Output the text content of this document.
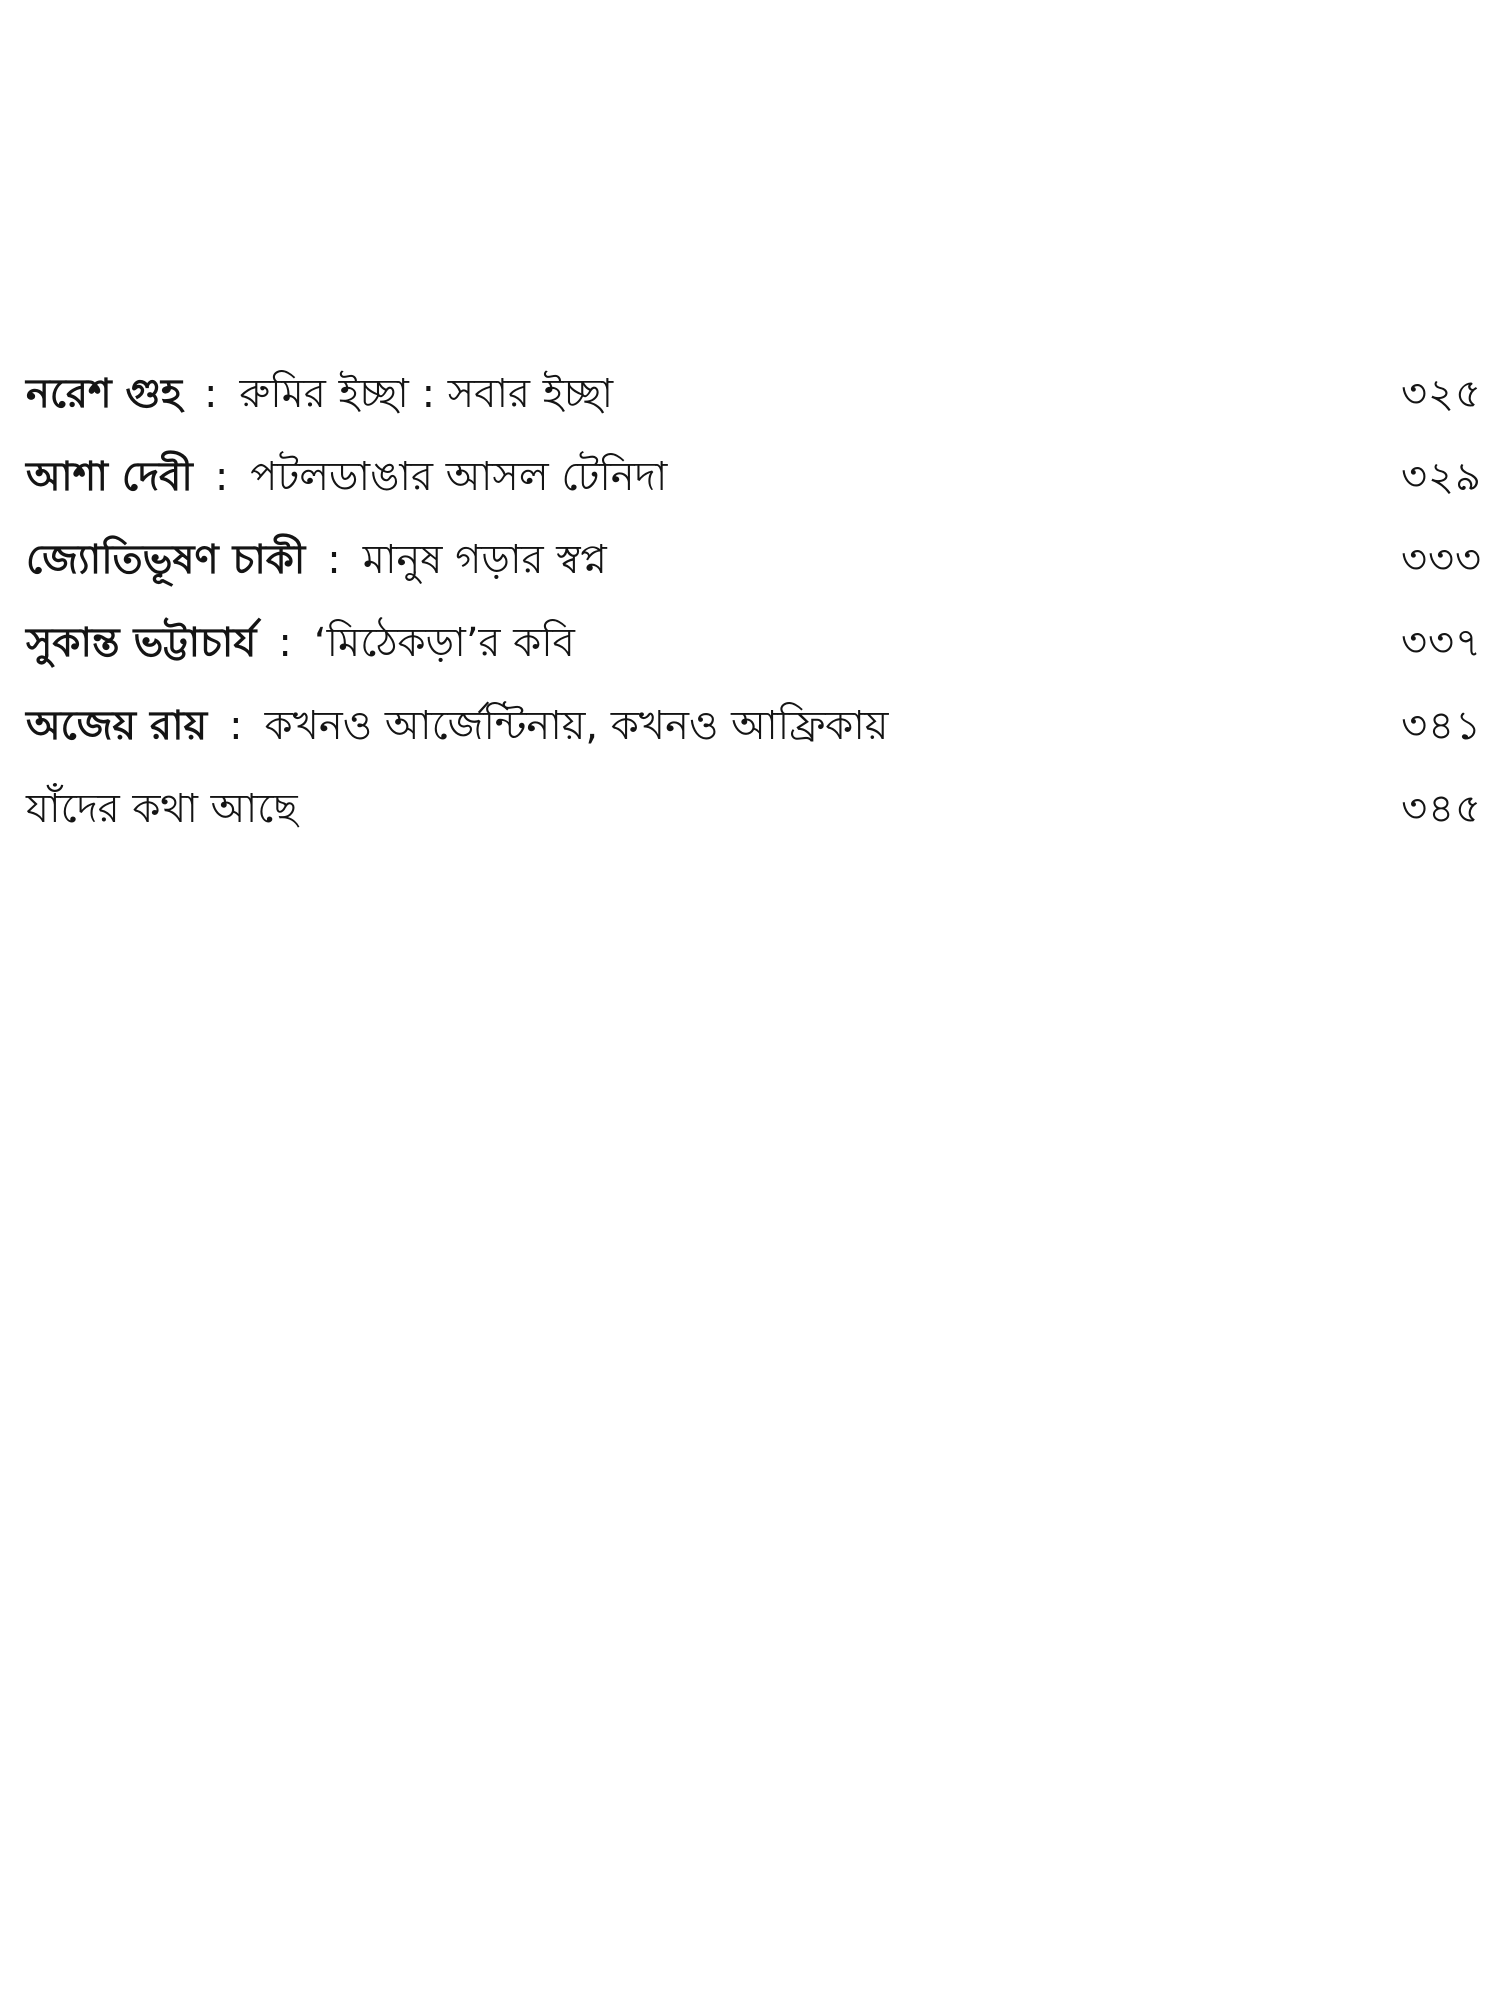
নরেশ গুহ : রুমির ইচ্ছা : সবার ইচ্ছা	৩২৫
আশা দেবী : পটলডাঙার আসল টেনিদা	৩২৯
জ্যোতিভূষণ চাকী : মানুষ গড়ার স্বপ্ন	৩৩৩
সুকান্ত ভট্টাচার্য : ‘মিঠেকড়া’র কবি	৩৩৭
অজেয় রায় : কখনও আর্জেন্টিনায়, কখনও আফ্রিকায়	৩৪১
যাঁদের কথা আছে	৩৪৫
